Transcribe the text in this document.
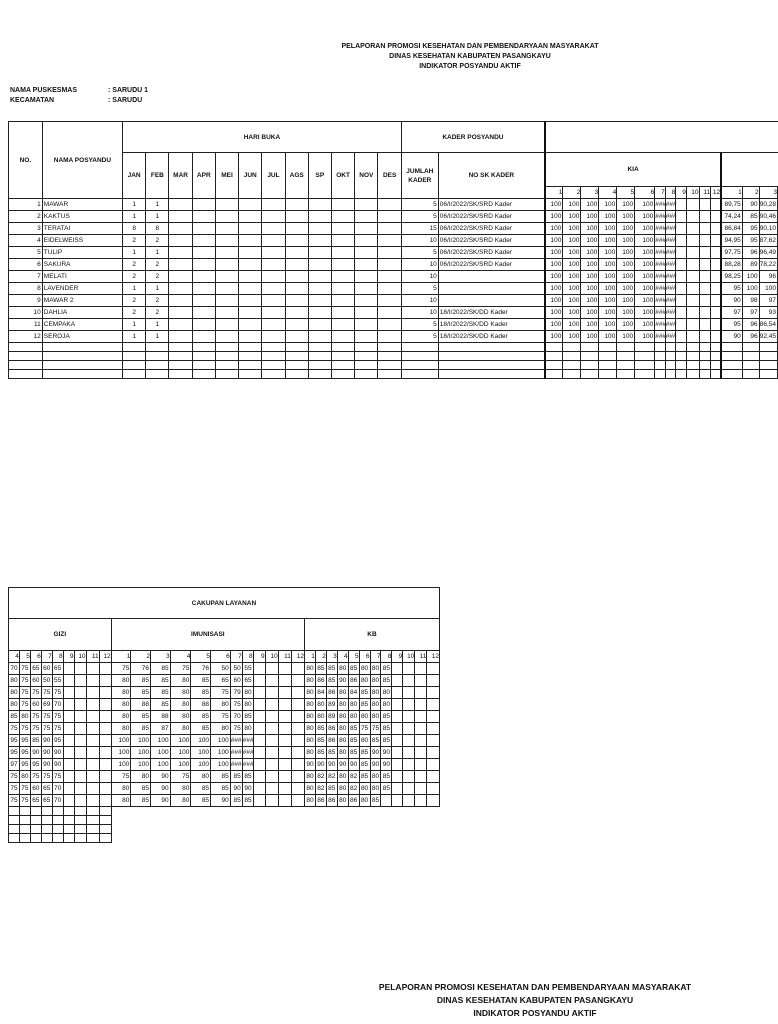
PELAPORAN PROMOSI KESEHATAN DAN PEMBENDARYAAN MASYARAKAT
DINAS KESEHATAN KABUPATEN PASANGKAYU
INDIKATOR POSYANDU AKTIF
NAMA PUSKESMAS	: SARUDU 1
KECAMATAN	: SARUDU
NO.	NAMA POSYANDU	HARI BUKA												KADER POSYANDU																
		JAN	FEB	MAR	APR	MEI	JUN	JUL	AGS	SP	OKT	NOV	DES	JUMLAH KADER	NO SK KADER	KIA														
																1	2	3	4	5	6	7	8	9	10	11	12	1	2	3
1	MAWAR	1	1											5	06/I/2022/SK/SRD Kader	100	100	100	100	100	100	###	###					89,75	90	90,28
2	KAKTUS	1	1											5	06/I/2022/SK/SRD Kader	100	100	100	100	100	100	###	###					74,24	85	90,46
3	TERATAI	8	8											15	06/I/2022/SK/SRD Kader	100	100	100	100	100	100	###	###					86,84	95	90,10
4	EIDELWEISS	2	2											10	06/I/2022/SK/SRD Kader	100	100	100	100	100	100	###	###					94,95	95	87,62
5	TULIP	1	1											5	06/I/2022/SK/SRD Kader	100	100	100	100	100	100	###	###					97,75	96	96,49
6	SAKURA	2	2											10	06/I/2022/SK/SRD Kader	100	100	100	100	100	100	###	###					88,28	89	78,22
7	MELATI	2	2											10		100	100	100	100	100	100	###	###					98,25	100	96
8	LAVENDER	1	1											5		100	100	100	100	100	100	###	###					95	100	100
9	MAWAR 2	2	2											10		100	100	100	100	100	100	###	###					90	98	97
10	DAHLIA	2	2											10	18/I/2022/SK/DD Kader	100	100	100	100	100	100	###	###					97	97	93
11	CEMPAKA	1	1											5	18/I/2022/SK/DD Kader	100	100	100	100	100	100	###	###					95	96	86,54
12	SEROJA	1	1											5	18/I/2022/SK/DD Kader	100	100	100	100	100	100	###	###					90	96	92,45

CAKUPAN LAYANAN																																
GIZI									IMUNISASI												KB											
4	5	6	7	8	9	10	11	12	1	2	3	4	5	6	7	8	9	10	11	12	1	2	3	4	5	6	7	8	9	10	11	12
70	75	65	60	65					75	76	85	75	76	50	50	55					80	85	85	80	85	80	80	85				
80	75	60	50	55					80	85	85	80	85	65	60	65					80	86	85	90	86	80	80	85				
80	75	75	75	75					80	85	85	80	85	75	79	80					80	84	86	80	84	85	80	80				
80	75	60	69	70					80	88	85	80	88	80	75	80					80	80	89	80	80	85	80	80				
85	80	75	75	75					80	85	88	80	85	75	70	85					80	80	89	80	80	80	80	85				
75	75	75	75	75					80	85	87	80	85	80	75	80					80	85	86	80	85	75	75	85				
95	95	85	90	95					100	100	100	100	100	100	###	###					80	85	86	80	85	80	85	85				
95	95	90	90	90					100	100	100	100	100	100	###	###					80	85	85	80	85	85	90	90				
97	95	95	90	90					100	100	100	100	100	100	###	###					90	90	90	90	90	85	90	90				
75	80	75	75	75					75	80	90	75	80	85	85	85					80	82	82	80	82	85	80	85				
75	75	60	65	70					80	85	90	80	85	85	90	90					80	82	85	80	82	80	80	85				
75	75	65	65	70					80	85	90	80	85	90	85	85					80	86	86	80	86	80	85					

PELAPORAN PROMOSI KESEHATAN DAN PEMBENDARYAAN MASYARAKAT
DINAS KESEHATAN KABUPATEN PASANGKAYU
INDIKATOR POSYANDU AKTIF
